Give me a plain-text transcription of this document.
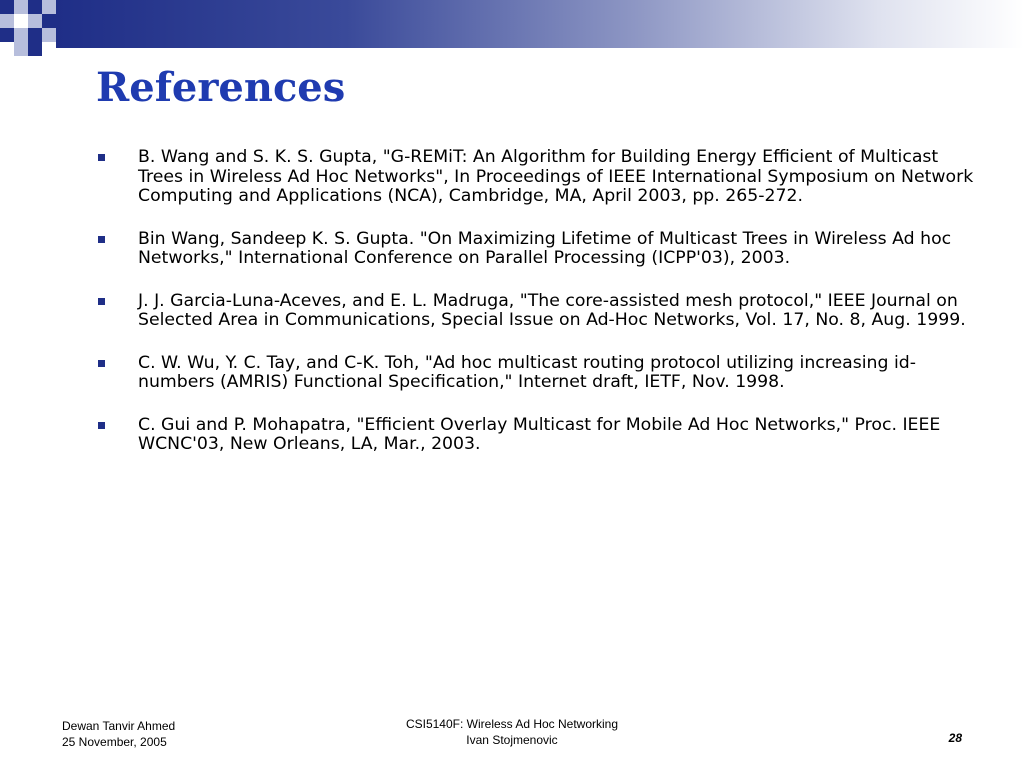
References
B. Wang and S. K. S. Gupta, "G-REMiT: An Algorithm for Building Energy Efficient of Multicast Trees in Wireless Ad Hoc Networks", In Proceedings of IEEE International Symposium on Network Computing and Applications (NCA), Cambridge, MA, April 2003, pp. 265-272.
Bin Wang, Sandeep K. S. Gupta. "On Maximizing Lifetime of Multicast Trees in Wireless Ad hoc Networks," International Conference on Parallel Processing (ICPP'03), 2003.
J. J. Garcia-Luna-Aceves, and E. L. Madruga, "The core-assisted mesh protocol," IEEE Journal on Selected Area in Communications, Special Issue on Ad-Hoc Networks, Vol. 17, No. 8, Aug. 1999.
C. W. Wu, Y. C. Tay, and C-K. Toh, "Ad hoc multicast routing protocol utilizing increasing id-numbers (AMRIS) Functional Specification," Internet draft, IETF, Nov. 1998.
C. Gui and P. Mohapatra, "Efficient Overlay Multicast for Mobile Ad Hoc Networks," Proc. IEEE WCNC'03, New Orleans, LA, Mar., 2003.
Dewan Tanvir Ahmed
25 November, 2005
CSI5140F: Wireless Ad Hoc Networking
Ivan Stojmenovic	28
